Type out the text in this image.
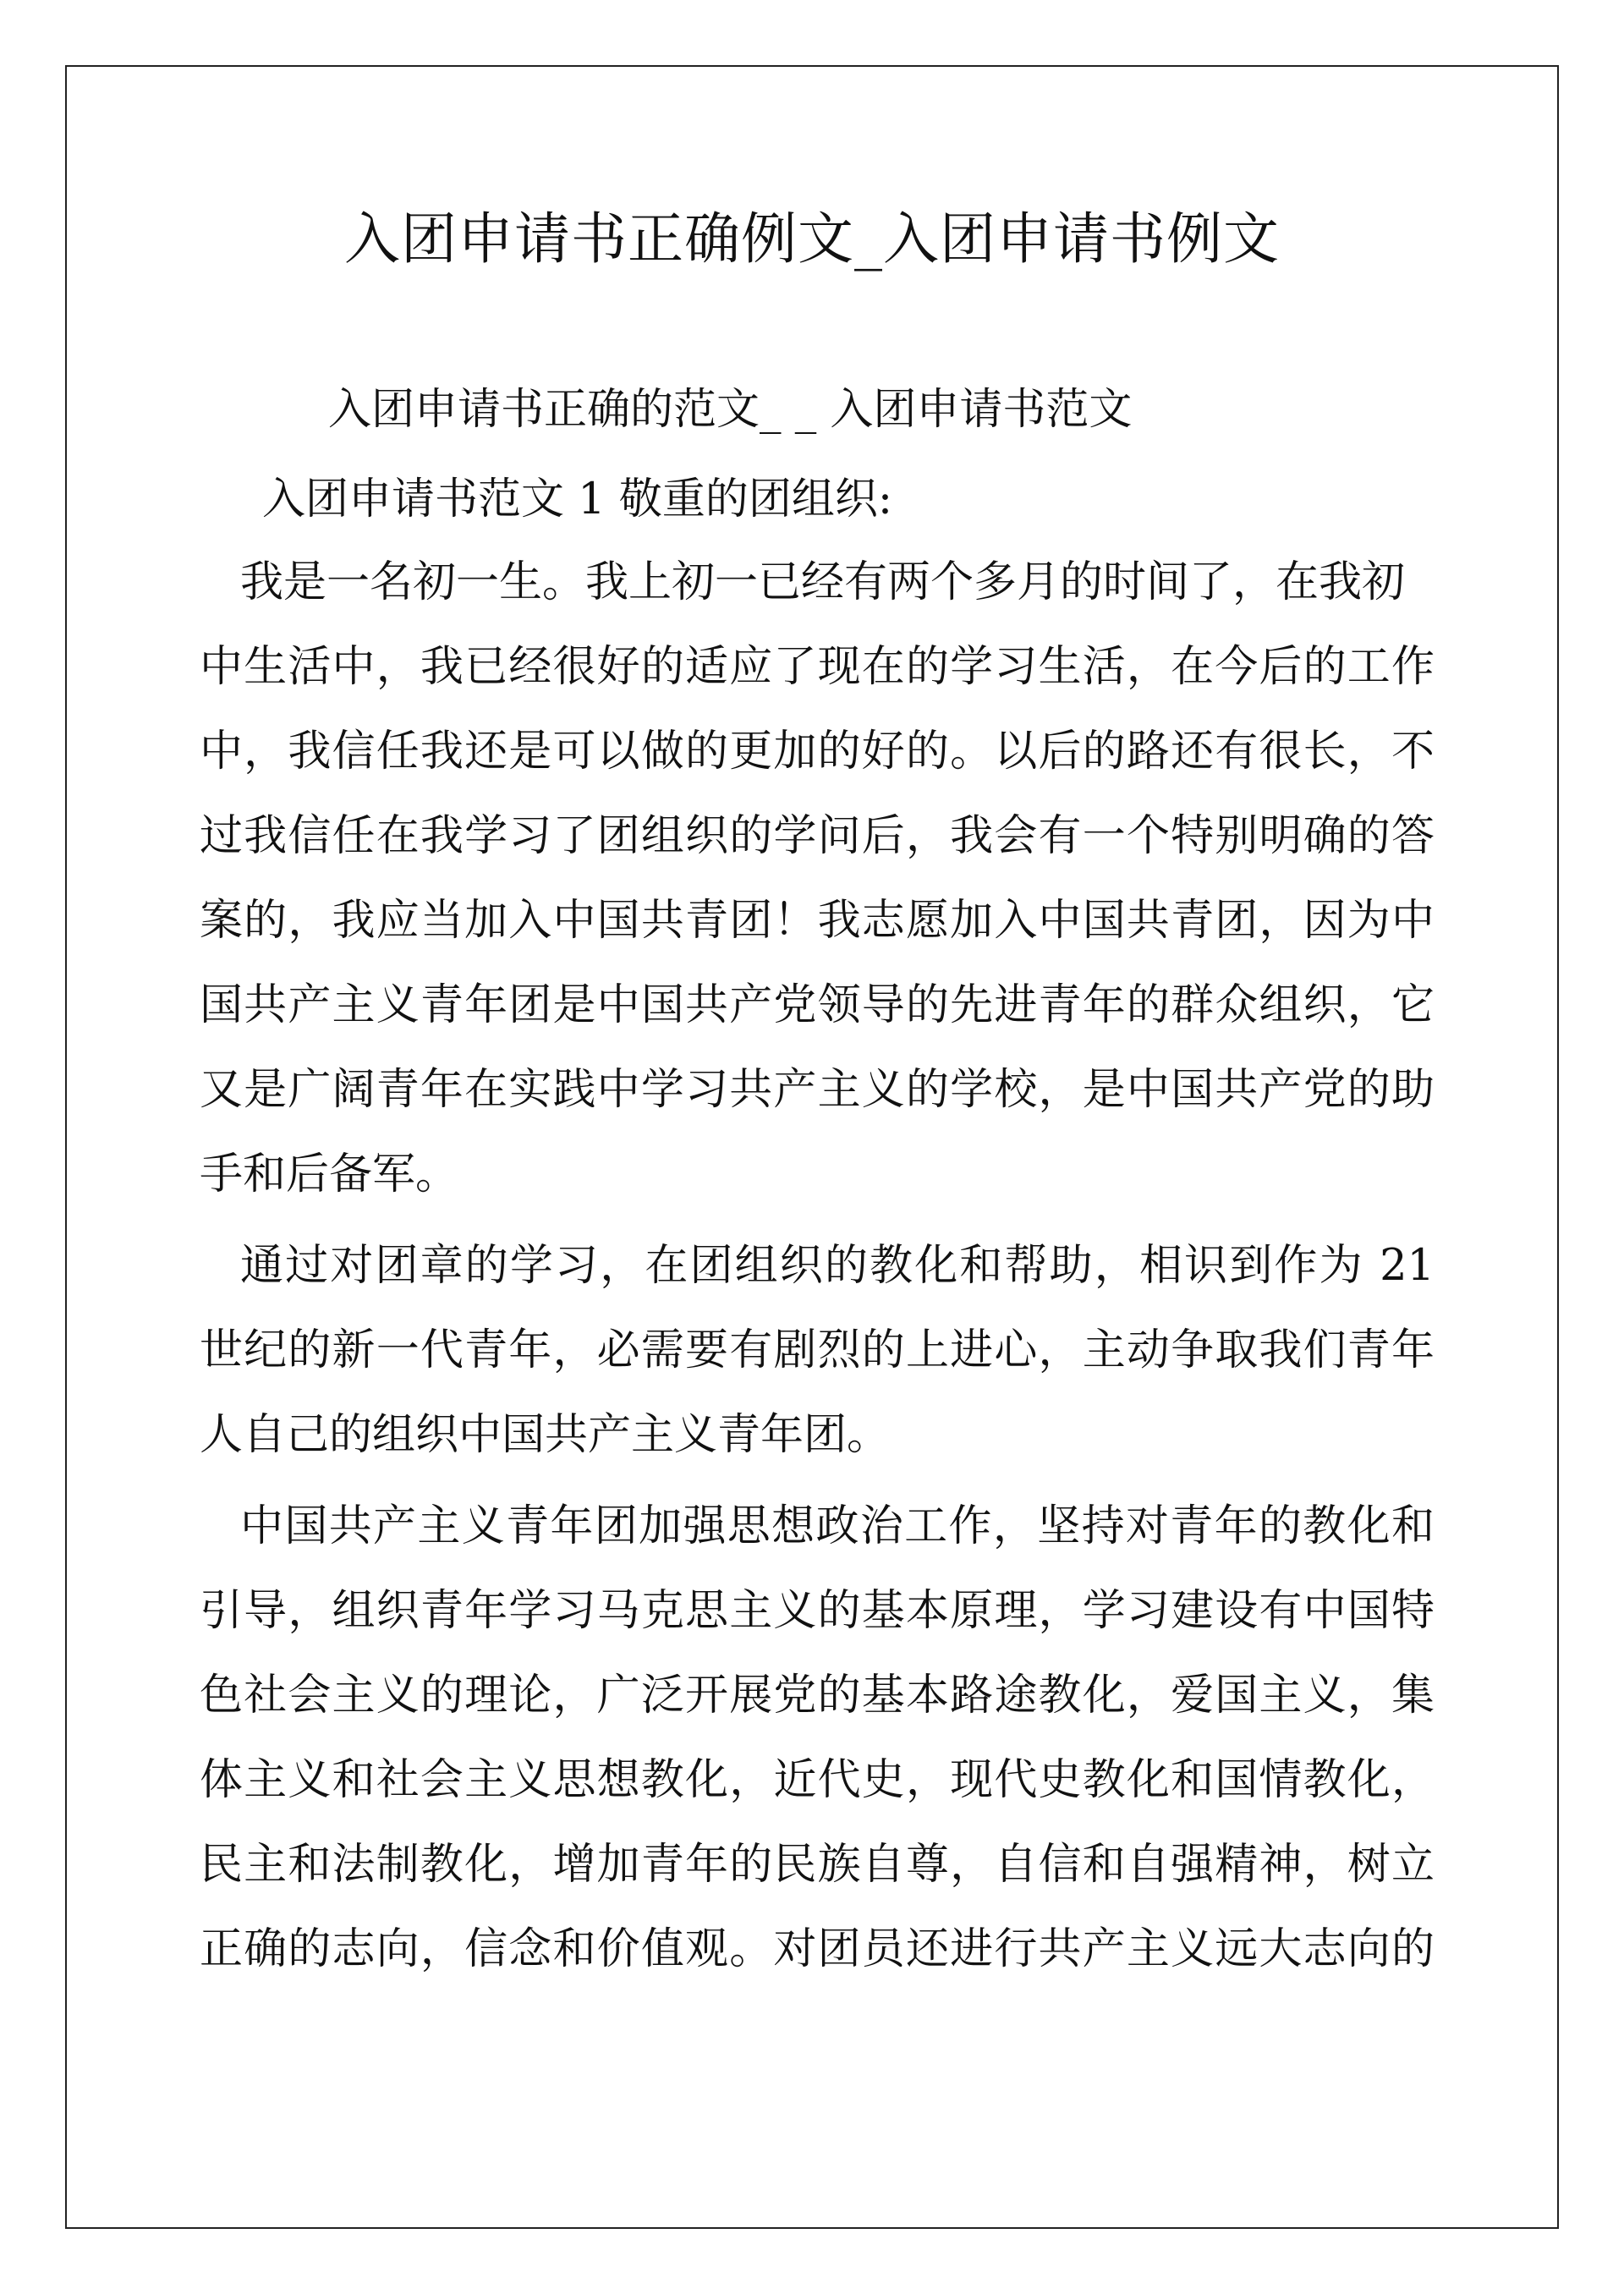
入团申请书正确例文_入团申请书例文
入团申请书正确的范文_ _ 入团申请书范文
入团申请书范文 1 敬重的团组织:
我是一名初一生。我上初一已经有两个多月的时间了，在我初
中生活中，我已经很好的适应了现在的学习生活，在今后的工作
中，我信任我还是可以做的更加的好的。以后的路还有很长，不
过我信任在我学习了团组织的学问后，我会有一个特别明确的答
案的，我应当加入中国共青团！我志愿加入中国共青团，因为中
国共产主义青年团是中国共产党领导的先进青年的群众组织，它
又是广阔青年在实践中学习共产主义的学校，是中国共产党的助
手和后备军。
通过对团章的学习，在团组织的教化和帮助，相识到作为 21
世纪的新一代青年，必需要有剧烈的上进心，主动争取我们青年
人自己的组织中国共产主义青年团。
中国共产主义青年团加强思想政治工作，坚持对青年的教化和
引导，组织青年学习马克思主义的基本原理，学习建设有中国特
色社会主义的理论，广泛开展党的基本路途教化，爱国主义，集
体主义和社会主义思想教化，近代史，现代史教化和国情教化，
民主和法制教化，增加青年的民族自尊，自信和自强精神，树立
正确的志向，信念和价值观。对团员还进行共产主义远大志向的
